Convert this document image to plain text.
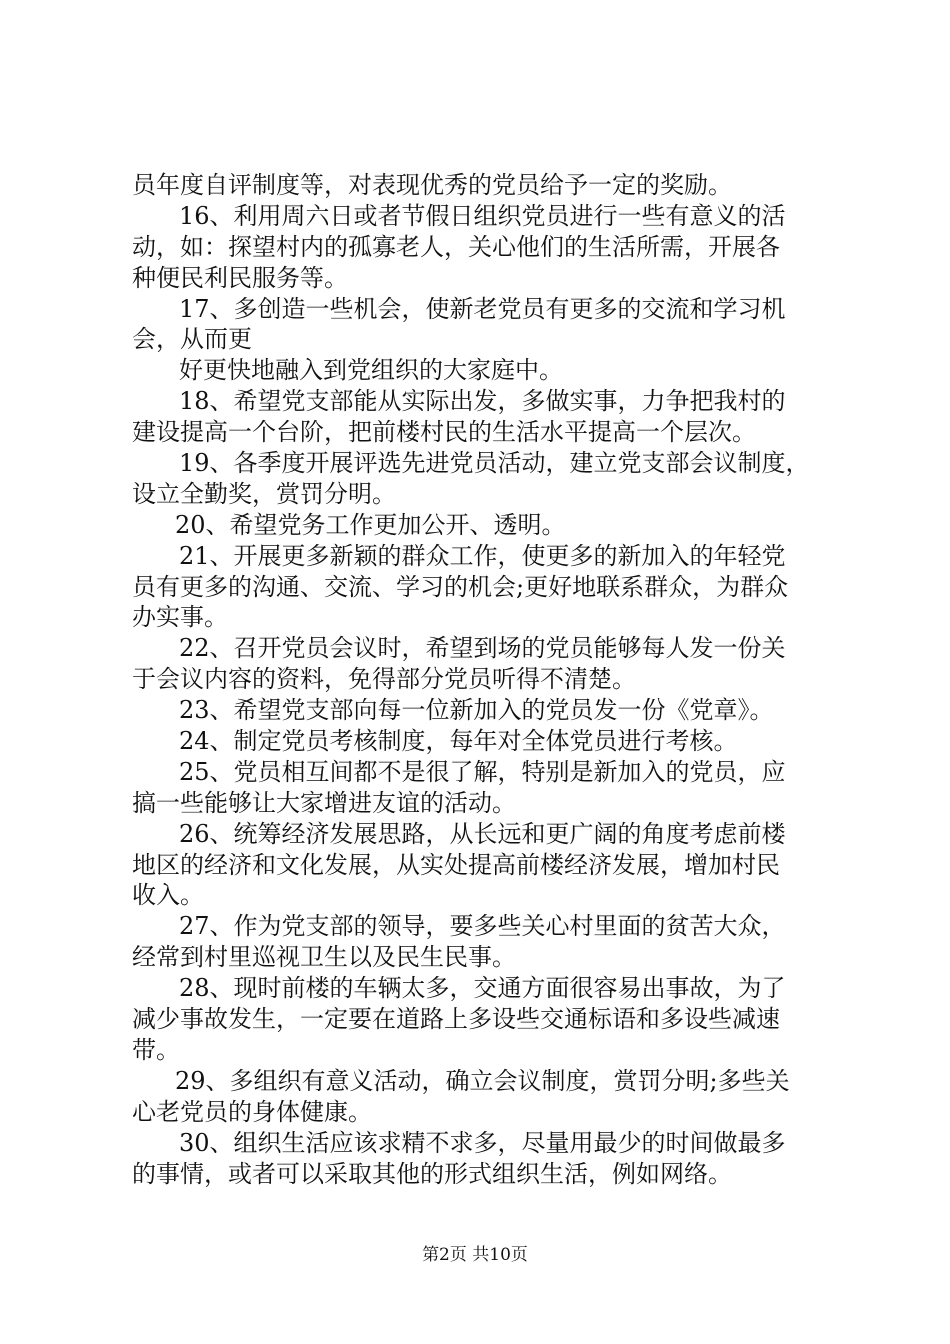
员年度自评制度等，对表现优秀的党员给予一定的奖励。
16、利用周六日或者节假日组织党员进行一些有意义的活
动，如：探望村内的孤寡老人，关心他们的生活所需，开展各
种便民利民服务等。
17、多创造一些机会，使新老党员有更多的交流和学习机
会，从而更
好更快地融入到党组织的大家庭中。
18、希望党支部能从实际出发，多做实事，力争把我村的
建设提高一个台阶，把前楼村民的生活水平提高一个层次。
19、各季度开展评选先进党员活动，建立党支部会议制度，
设立全勤奖，赏罚分明。
20、希望党务工作更加公开、透明。
21、开展更多新颖的群众工作，使更多的新加入的年轻党
员有更多的沟通、交流、学习的机会;更好地联系群众，为群众
办实事。
22、召开党员会议时，希望到场的党员能够每人发一份关
于会议内容的资料，免得部分党员听得不清楚。
23、希望党支部向每一位新加入的党员发一份《党章》。
24、制定党员考核制度，每年对全体党员进行考核。
25、党员相互间都不是很了解，特别是新加入的党员，应
搞一些能够让大家增进友谊的活动。
26、统筹经济发展思路，从长远和更广阔的角度考虑前楼
地区的经济和文化发展，从实处提高前楼经济发展，增加村民
收入。
27、作为党支部的领导，要多些关心村里面的贫苦大众，
经常到村里巡视卫生以及民生民事。
28、现时前楼的车辆太多，交通方面很容易出事故，为了
减少事故发生，一定要在道路上多设些交通标语和多设些减速
带。
29、多组织有意义活动，确立会议制度，赏罚分明;多些关
心老党员的身体健康。
30、组织生活应该求精不求多，尽量用最少的时间做最多
的事情，或者可以采取其他的形式组织生活，例如网络。
第2页 共10页
